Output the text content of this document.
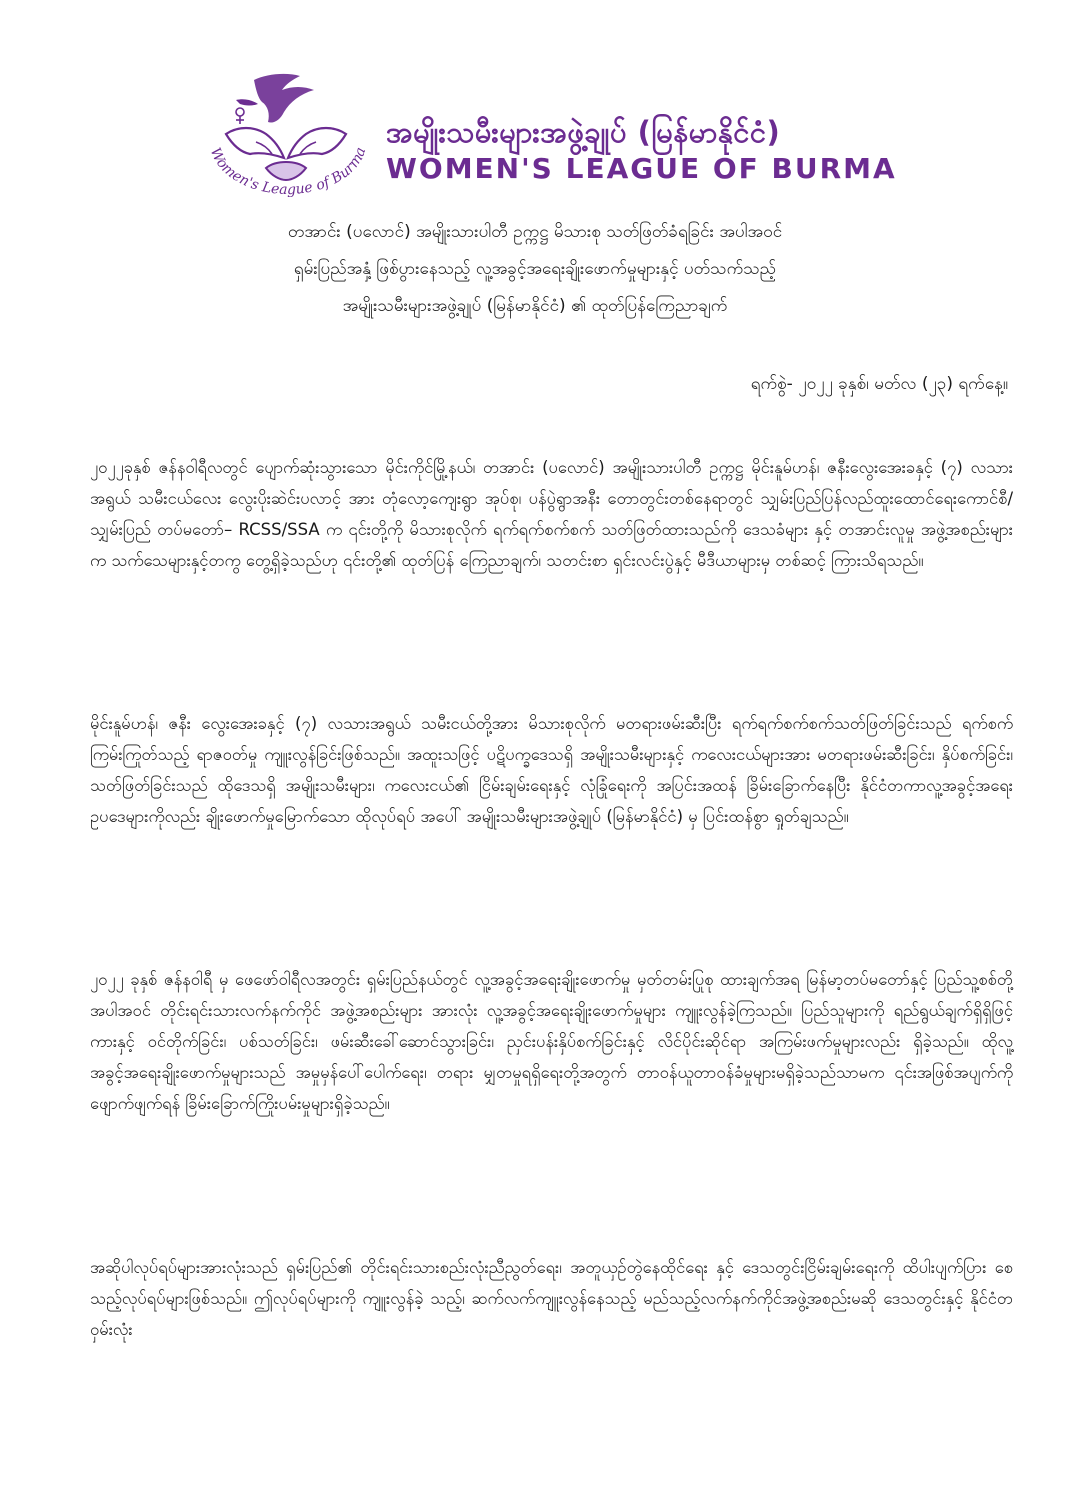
Women's League of Burma
အမျိုးသမီးများအဖွဲ့ချုပ် (မြန်မာနိုင်ငံ)
WOMEN'S LEAGUE OF BURMA
တအာင်း (ပလောင်) အမျိုးသားပါတီ ဥက္ကဋ္ဌ မိသားစု သတ်ဖြတ်ခံရခြင်း အပါအဝင်
ရှမ်းပြည်အနှံ့ ဖြစ်ပွားနေသည့် လူ့အခွင့်အရေးချိုးဖောက်မှုများနှင့် ပတ်သက်သည့်
အမျိုးသမီးများအဖွဲ့ချုပ် (မြန်မာနိုင်ငံ) ၏ ထုတ်ပြန်ကြေညာချက်
ရက်စွဲ- ၂၀၂၂ ခုနှစ်၊ မတ်လ (၂၃) ရက်နေ့။
၂၀၂၂ခုနှစ် ဇန်နဝါရီလတွင် ပျောက်ဆုံးသွားသော မိုင်းကိုင်မြို့နယ်၊ တအာင်း (ပလောင်) အမျိုးသားပါတီ ဥက္ကဋ္ဌ မိုင်းနူမ်ဟန်၊ ဇနီးလွေးအေးခနှင့် (၇) လသား အရွယ် သမီးငယ်လေး လွေးပိုးဆဲင်းပလာင့် အား တုံလော့ကျေးရွာ အုပ်စု၊ ပန်ပွဲရွာအနီး တောတွင်းတစ်နေရာတွင် သျှမ်းပြည်ပြန်လည်ထူးထောင်ရေးကောင်စီ/ သျှမ်းပြည် တပ်မတော်– RCSS/SSA က ၎င်းတို့ကို မိသားစုလိုက် ရက်ရက်စက်စက် သတ်ဖြတ်ထားသည်ကို ဒေသခံများ နှင့် တအာင်းလူမှု အဖွဲ့အစည်းများက သက်သေများနှင့်တကွ တွေ့ရှိခဲ့သည်ဟု ၎င်းတို့၏ ထုတ်ပြန် ကြေညာချက်၊ သတင်းစာ ရှင်းလင်းပွဲနှင့် မီဒီယာများမှ တစ်ဆင့် ကြားသိရသည်။
မိုင်းနူမ်ဟန်၊ ဇနီး လွေးအေးခနှင့် (၇) လသားအရွယ် သမီးငယ်တို့အား မိသားစုလိုက် မတရားဖမ်းဆီးပြီး ရက်ရက်စက်စက်သတ်ဖြတ်ခြင်းသည် ရက်စက်ကြမ်းကြုတ်သည့် ရာဇဝတ်မှု ကျူးလွန်ခြင်းဖြစ်သည်။ အထူးသဖြင့် ပဋိပက္ခဒေသရှိ အမျိုးသမီးများနှင့် ကလေးငယ်များအား မတရားဖမ်းဆီးခြင်း၊ နှိပ်စက်ခြင်း၊ သတ်ဖြတ်ခြင်းသည် ထိုဒေသရှိ အမျိုးသမီးများ၊ ကလေးငယ်၏ ငြိမ်းချမ်းရေးနှင့် လုံခြုံရေးကို အပြင်းအထန် ခြိမ်းခြောက်နေပြီး နိုင်ငံတကာလူ့အခွင့်အရေး ဥပဒေများကိုလည်း ချိုးဖောက်မှုမြောက်သော ထိုလုပ်ရပ် အပေါ် အမျိုးသမီးများအဖွဲ့ချုပ် (မြန်မာနိုင်ငံ) မှ ပြင်းထန်စွာ ရှုတ်ချသည်။
၂၀၂၂ ခုနှစ် ဇန်နဝါရီ မှ ဖေဖော်ဝါရီလအတွင်း ရှမ်းပြည်နယ်တွင် လူ့အခွင့်အရေးချိုးဖောက်မှု မှတ်တမ်းပြုစု ထားချက်အရ မြန်မာ့တပ်မတော်နှင့် ပြည်သူ့စစ်တို့အပါအဝင် တိုင်းရင်းသားလက်နက်ကိုင် အဖွဲ့အစည်းများ အားလုံး လူ့အခွင့်အရေးချိုးဖောက်မှုများ ကျူးလွန်ခဲ့ကြသည်။ ပြည်သူများကို ရည်ရွယ်ချက်ရှိရှိဖြင့် ကားနှင့် ဝင်တိုက်ခြင်း၊ ပစ်သတ်ခြင်း၊ ဖမ်းဆီးခေါ်ဆောင်သွားခြင်း၊ ညှင်းပန်းနှိပ်စက်ခြင်းနှင့် လိင်ပိုင်းဆိုင်ရာ အကြမ်းဖက်မှုများလည်း ရှိခဲ့သည်။ ထိုလူ့အခွင့်အရေးချိုးဖောက်မှုများသည် အမှုမှန်ပေါ်ပေါက်ရေး၊ တရား မျှတမှုရရှိရေးတို့အတွက် တာဝန်ယူတာဝန်ခံမှုများမရှိခဲ့သည်သာမက ၎င်းအဖြစ်အပျက်ကို ဖျောက်ဖျက်ရန် ခြိမ်းခြောက်ကြိုးပမ်းမှုများရှိခဲ့သည်။
အဆိုပါလုပ်ရပ်များအားလုံးသည် ရှမ်းပြည်၏ တိုင်းရင်းသားစည်းလုံးညီညွတ်ရေး၊ အတူယှဉ်တွဲနေထိုင်ရေး နှင့် ဒေသတွင်းငြိမ်းချမ်းရေးကို ထိပါးပျက်ပြား စေသည့်လုပ်ရပ်များဖြစ်သည်။ ဤလုပ်ရပ်များကို ကျူးလွန်ခဲ့ သည့်၊ ဆက်လက်ကျူးလွန်နေသည့် မည်သည့်လက်နက်ကိုင်အဖွဲ့အစည်းမဆို ဒေသတွင်းနှင့် နိုင်ငံတဝှမ်းလုံး
